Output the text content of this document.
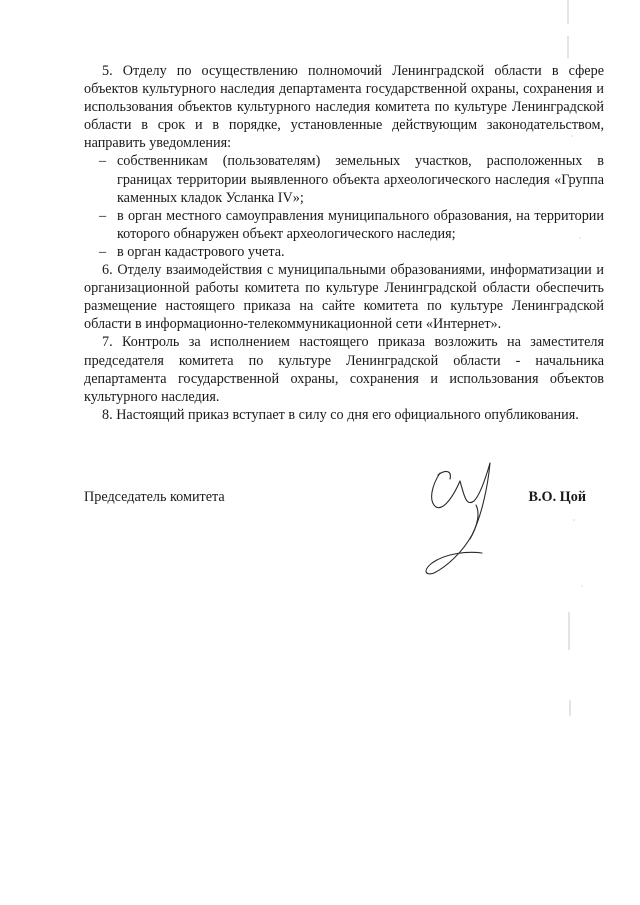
5. Отделу по осуществлению полномочий Ленинградской области в сфере объектов культурного наследия департамента государственной охраны, сохранения и использования объектов культурного наследия комитета по культуре Ленинградской области в срок и в порядке, установленные действующим законодательством, направить уведомления:

– собственникам (пользователям) земельных участков, расположенных в границах территории выявленного объекта археологического наследия «Группа каменных кладок Усланка IV»;
– в орган местного самоуправления муниципального образования, на территории которого обнаружен объект археологического наследия;
– в орган кадастрового учета.

6. Отделу взаимодействия с муниципальными образованиями, информатизации и организационной работы комитета по культуре Ленинградской области обеспечить размещение настоящего приказа на сайте комитета по культуре Ленинградской области в информационно-телекоммуникационной сети «Интернет».

7. Контроль за исполнением настоящего приказа возложить на заместителя председателя комитета по культуре Ленинградской области - начальника департамента государственной охраны, сохранения и использования объектов культурного наследия.

8. Настоящий приказ вступает в силу со дня его официального опубликования.

Председатель комитета	В.О. Цой
